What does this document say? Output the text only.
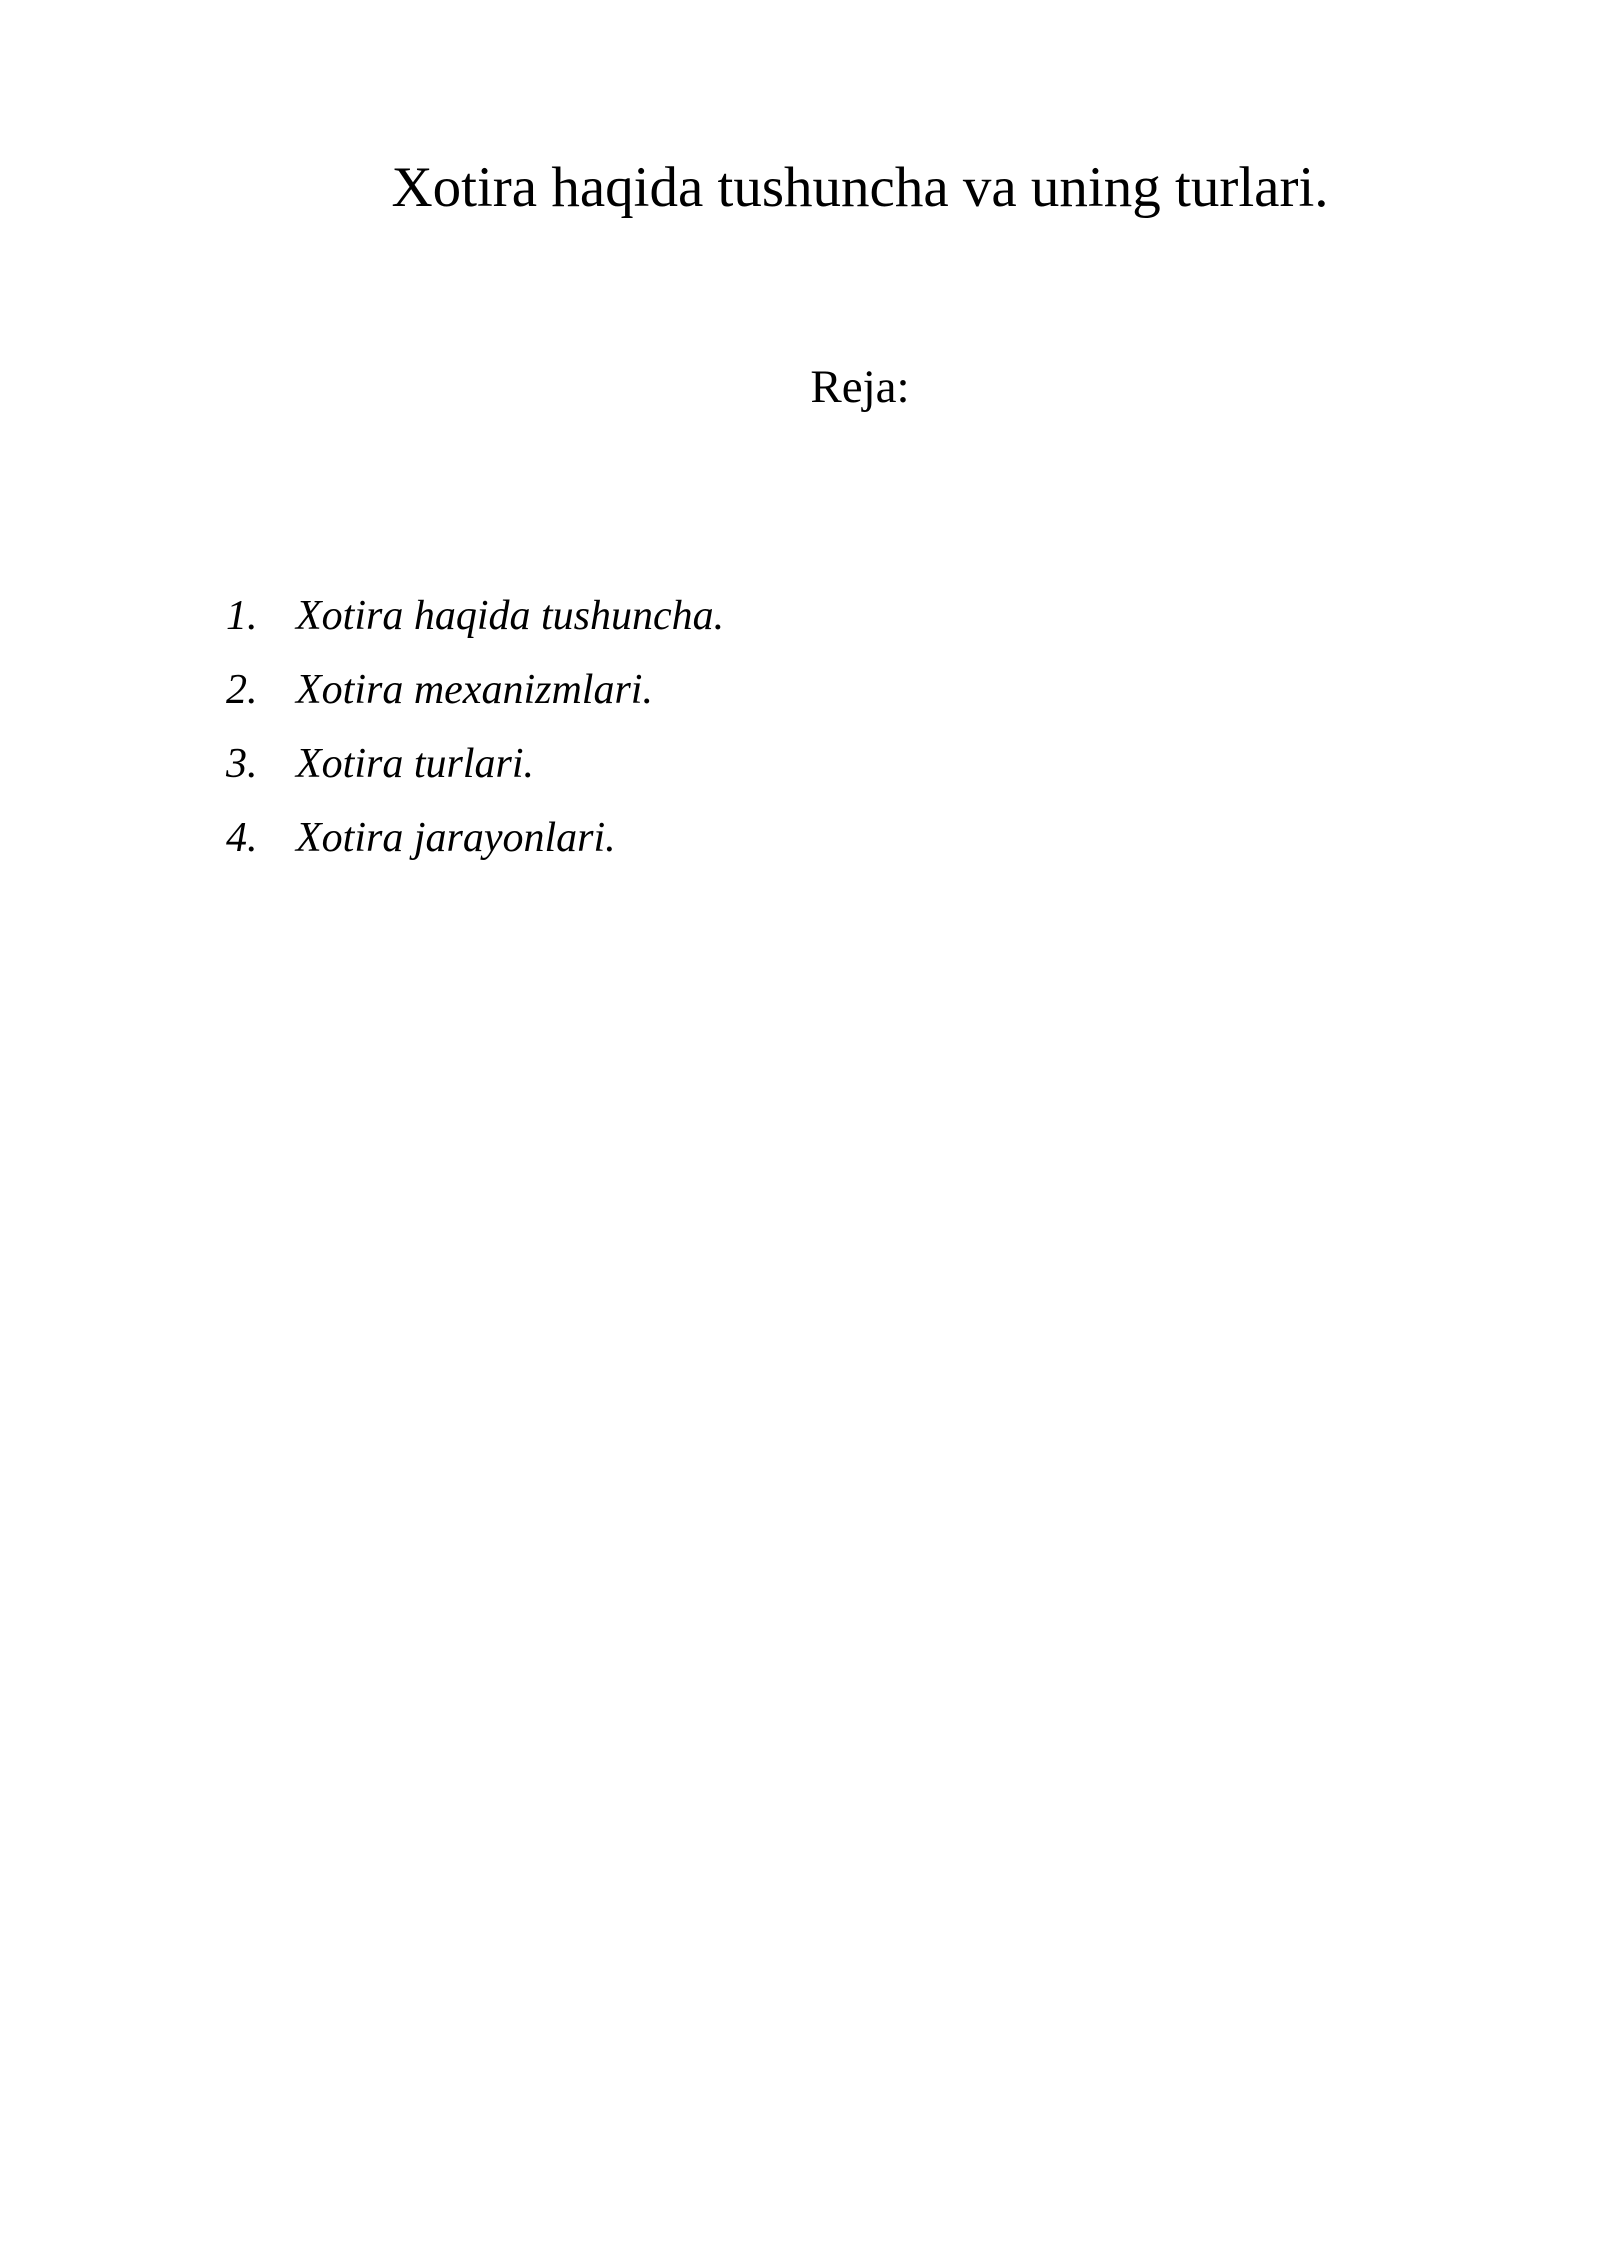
Xotira haqida tushuncha va uning turlari.
Reja:
1. Xotira haqida tushuncha.
2. Xotira mexanizmlari.
3. Xotira turlari.
4. Xotira jarayonlari.
